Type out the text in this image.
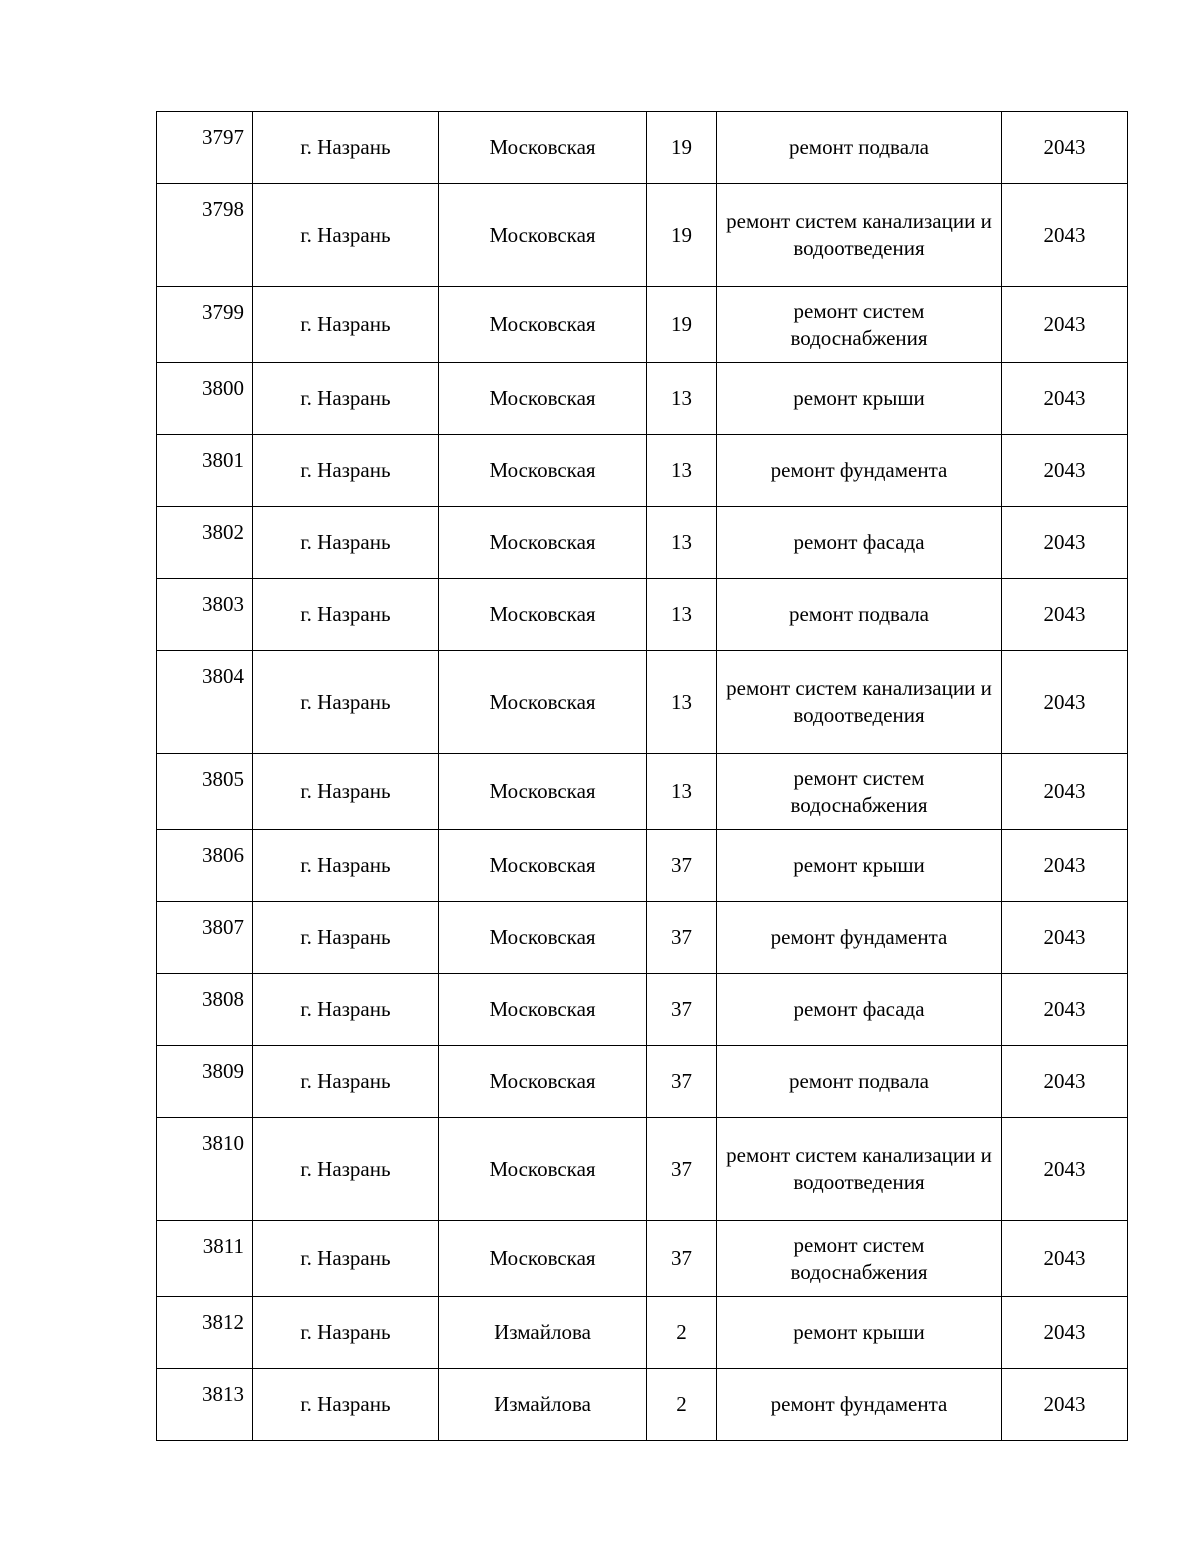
3797	г. Назрань	Московская	19	ремонт подвала	2043
3798	г. Назрань	Московская	19	ремонт систем канализации и водоотведения	2043
3799	г. Назрань	Московская	19	ремонт систем водоснабжения	2043
3800	г. Назрань	Московская	13	ремонт крыши	2043
3801	г. Назрань	Московская	13	ремонт фундамента	2043
3802	г. Назрань	Московская	13	ремонт фасада	2043
3803	г. Назрань	Московская	13	ремонт подвала	2043
3804	г. Назрань	Московская	13	ремонт систем канализации и водоотведения	2043
3805	г. Назрань	Московская	13	ремонт систем водоснабжения	2043
3806	г. Назрань	Московская	37	ремонт крыши	2043
3807	г. Назрань	Московская	37	ремонт фундамента	2043
3808	г. Назрань	Московская	37	ремонт фасада	2043
3809	г. Назрань	Московская	37	ремонт подвала	2043
3810	г. Назрань	Московская	37	ремонт систем канализации и водоотведения	2043
3811	г. Назрань	Московская	37	ремонт систем водоснабжения	2043
3812	г. Назрань	Измайлова	2	ремонт крыши	2043
3813	г. Назрань	Измайлова	2	ремонт фундамента	2043
